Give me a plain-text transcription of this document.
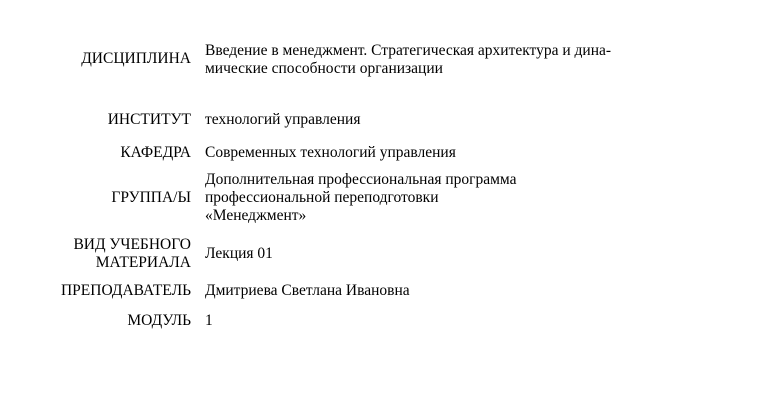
ДИСЦИПЛИНА Введение в менеджмент. Стратегическая архитектура и дина-
мические способности организации
ИНСТИТУТ технологий управления
КАФЕДРА Современных технологий управления
ГРУППА/Ы
Дополнительная профессиональная программа
профессиональной переподготовки
«Менеджмент»
ВИД УЧЕБНОГО
МАТЕРИАЛА
Лекция 01
ПРЕПОДАВАТЕЛЬ Дмитриева Светлана Ивановна
МОДУЛЬ 1
